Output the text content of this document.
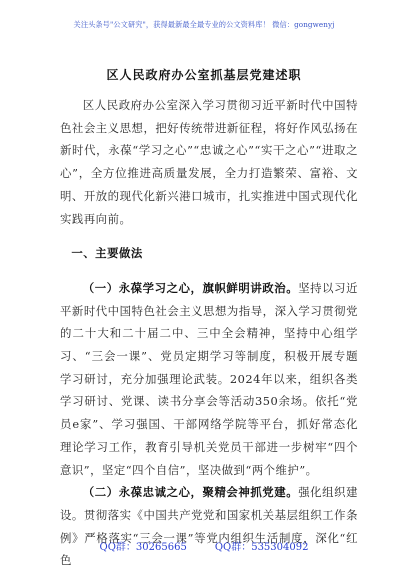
关注头条号"公文研究"，获得最新最全最专业的公文资料库！ 微信：gongwenyj
区人民政府办公室抓基层党建述职

区人民政府办公室深入学习贯彻习近平新时代中国特色社会主义思想，把好传统带进新征程，将好作风弘扬在新时代，永葆“学习之心”“忠诚之心”“实干之心”“进取之心”，全方位推进高质量发展，全力打造繁荣、富裕、文明、开放的现代化新兴港口城市，扎实推进中国式现代化实践再向前。

一、主要做法

（一）永葆学习之心，旗帜鲜明讲政治。坚持以习近平新时代中国特色社会主义思想为指导，深入学习贯彻党的二十大和二十届二中、三中全会精神，坚持中心组学习、“三会一课”、党员定期学习等制度，积极开展专题学习研讨，充分加强理论武装。2024年以来，组织各类学习研讨、党课、读书分享会等活动350余场。依托“党员e家”、学习强国、干部网络学院等平台，抓好常态化理论学习工作，教育引导机关党员干部进一步树牢“四个意识”，坚定“四个自信”，坚决做到“两个维护”。

（二）永葆忠诚之心，聚精会神抓党建。强化组织建设。贯彻落实《中国共产党党和国家机关基层组织工作条例》严格落实“三会一课”等党内组织生活制度，深化“红色

QQ群：30265665	QQ群：535304092
